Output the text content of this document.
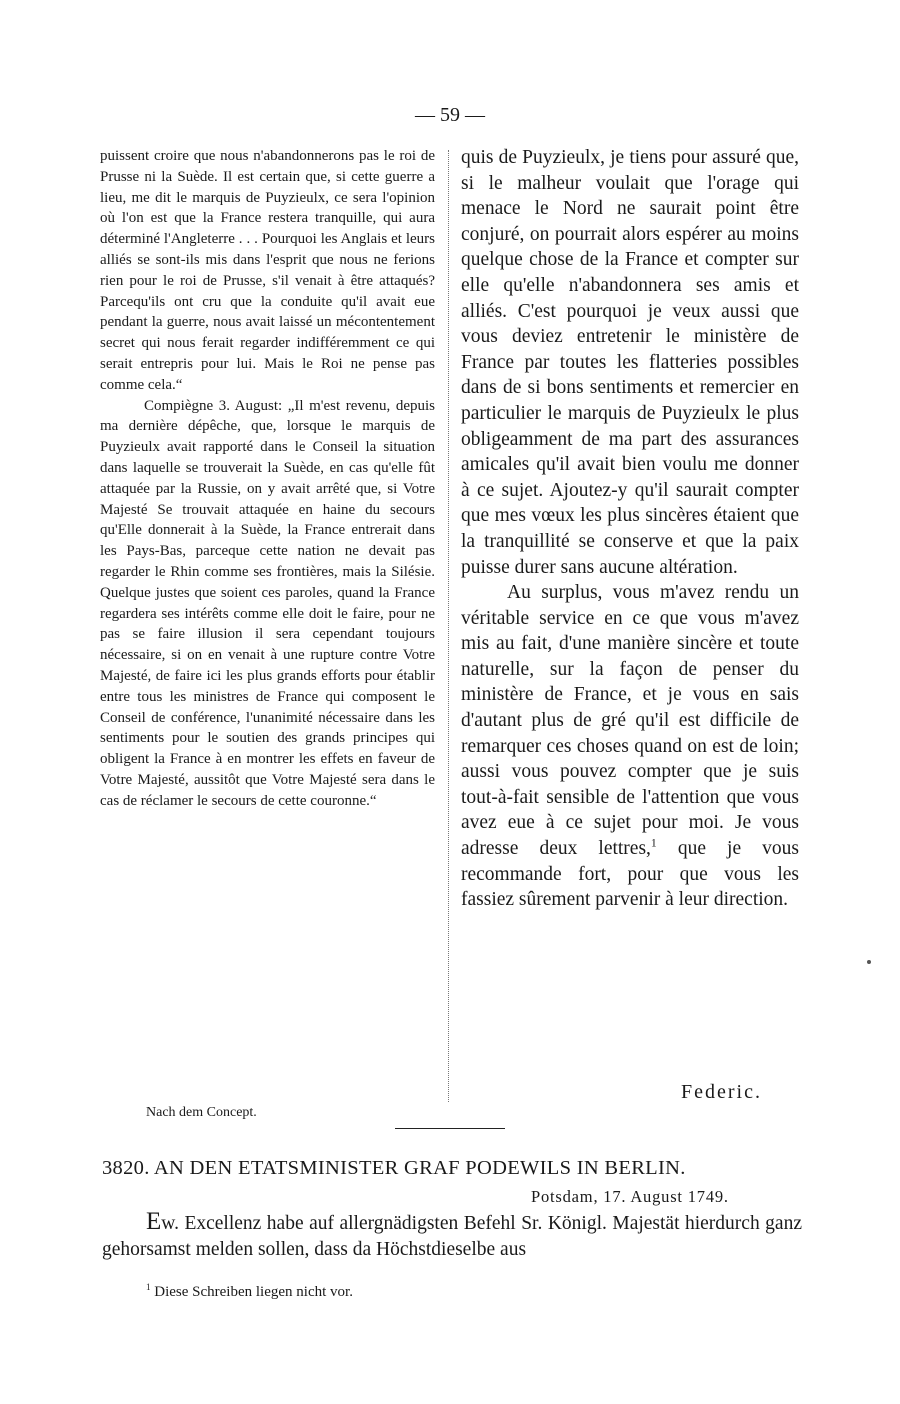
— 59 —

puissent croire que nous n'abandonnerons pas le roi de Prusse ni la Suède. Il est certain que, si cette guerre a lieu, me dit le marquis de Puyzieulx, ce sera l'opinion où l'on est que la France restera tranquille, qui aura déterminé l'Angleterre . . . Pourquoi les Anglais et leurs alliés se sont-ils mis dans l'esprit que nous ne ferions rien pour le roi de Prusse, s'il venait à être attaqués? Parcequ'ils ont cru que la conduite qu'il avait eue pendant la guerre, nous avait laissé un mécontentement secret qui nous ferait regarder indifféremment ce qui serait entrepris pour lui. Mais le Roi ne pense pas comme cela.“

Compiègne 3. August: „Il m'est revenu, depuis ma dernière dépêche, que, lorsque le marquis de Puyzieulx avait rapporté dans le Conseil la situation dans laquelle se trouverait la Suède, en cas qu'elle fût attaquée par la Russie, on y avait arrêté que, si Votre Majesté Se trouvait attaquée en haine du secours qu'Elle donnerait à la Suède, la France entrerait dans les Pays-Bas, parceque cette nation ne devait pas regarder le Rhin comme ses frontières, mais la Silésie. Quelque justes que soient ces paroles, quand la France regardera ses intérêts comme elle doit le faire, pour ne pas se faire illusion il sera cependant toujours nécessaire, si on en venait à une rupture contre Votre Majesté, de faire ici les plus grands efforts pour établir entre tous les ministres de France qui composent le Conseil de conférence, l'unanimité nécessaire dans les sentiments pour le soutien des grands principes qui obligent la France à en montrer les effets en faveur de Votre Majesté, aussitôt que Votre Majesté sera dans le cas de réclamer le secours de cette couronne.“

quis de Puyzieulx, je tiens pour assuré que, si le malheur voulait que l'orage qui menace le Nord ne saurait point être conjuré, on pourrait alors espérer au moins quelque chose de la France et compter sur elle qu'elle n'abandonnera ses amis et alliés. C'est pourquoi je veux aussi que vous deviez entretenir le ministère de France par toutes les flatteries possibles dans de si bons sentiments et remercier en particulier le marquis de Puyzieulx le plus obligeamment de ma part des assurances amicales qu'il avait bien voulu me donner à ce sujet. Ajoutez-y qu'il saurait compter que mes vœux les plus sincères étaient que la tranquillité se conserve et que la paix puisse durer sans aucune altération.

Au surplus, vous m'avez rendu un véritable service en ce que vous m'avez mis au fait, d'une manière sincère et toute naturelle, sur la façon de penser du ministère de France, et je vous en sais d'autant plus de gré qu'il est difficile de remarquer ces choses quand on est de loin; aussi vous pouvez compter que je suis tout-à-fait sensible de l'attention que vous avez eue à ce sujet pour moi. Je vous adresse deux lettres,$^1$ que je vous recommande fort, pour que vous les fassiez sûrement parvenir à leur direction.

Federic.
Nach dem Concept.
3820. AN DEN ETATSMINISTER GRAF PODEWILS IN BERLIN.
Potsdam, 17. August 1749.
Ew. Excellenz habe auf allergnädigsten Befehl Sr. Königl. Majestät hierdurch ganz gehorsamst melden sollen, dass da Höchstdieselbe aus
$^1$ Diese Schreiben liegen nicht vor.
